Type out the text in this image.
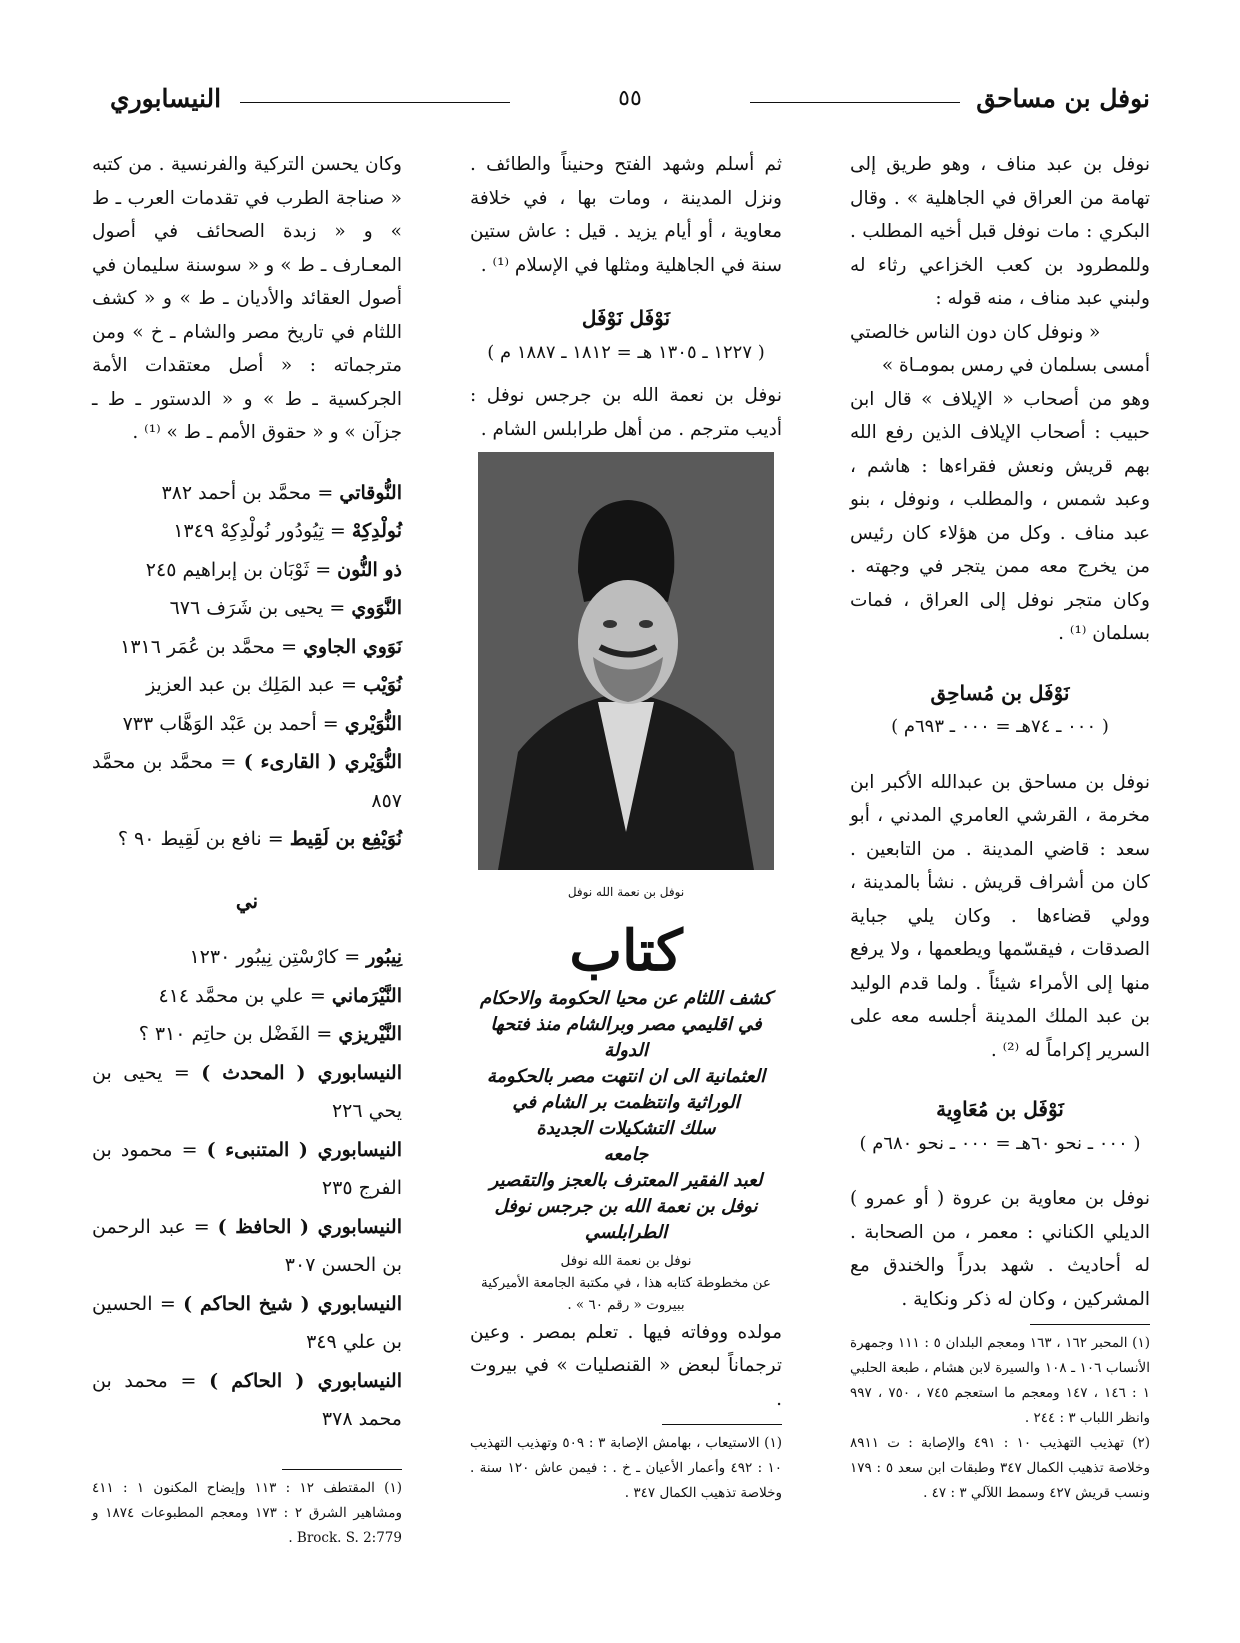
نوفل بن مساحق
٥٥
النيسابوري

نوفل بن عبد مناف ، وهو طريق إلى تهامة من العراق في الجاهلية » . وقال البكري : مات نوفل قبل أخيه المطلب . وللمطرود بن كعب الخزاعي رثاء له ولبني عبد مناف ، منه قوله :

« ونوفل كان دون الناس خالصتي

أمسى بسلمان في رمس بمومـاة »

وهو من أصحاب « الإيلاف » قال ابن حبيب : أصحاب الإيلاف الذين رفع الله بهم قريش ونعش فقراءها : هاشم ، وعبد شمس ، والمطلب ، ونوفل ، بنو عبد مناف . وكل من هؤلاء كان رئيس من يخرج معه ممن يتجر في وجهته . وكان متجر نوفل إلى العراق ، فمات بسلمان ⁽¹⁾ .

نَوْفَل بن مُساحِق
( ٠٠٠ ـ ٧٤هـ = ٠٠٠ ـ ٦٩٣م )

نوفل بن مساحق بن عبدالله الأكبر ابن مخرمة ، القرشي العامري المدني ، أبو سعد : قاضي المدينة . من التابعين . كان من أشراف قريش . نشأ بالمدينة ، وولي قضاءها . وكان يلي جباية الصدقات ، فيقسّمها ويطعمها ، ولا يرفع منها إلى الأمراء شيئاً . ولما قدم الوليد بن عبد الملك المدينة أجلسه معه على السرير إكراماً له ⁽²⁾ .

نَوْفَل بن مُعَاوِية
( ٠٠٠ ـ نحو ٦٠هـ = ٠٠٠ ـ نحو ٦٨٠م )

نوفل بن معاوية بن عروة ( أو عمرو ) الديلي الكناني : معمر ، من الصحابة . له أحاديث . شهد بدراً والخندق مع المشركين ، وكان له ذكر ونكاية .

(١) المحبر ١٦٢ ، ١٦٣ ومعجم البلدان ٥ : ١١١ وجمهرة الأنساب ١٠٦ ـ ١٠٨ والسيرة لابن هشام ، طبعة الحلبي ١ : ١٤٦ ، ١٤٧ ومعجم ما استعجم ٧٤٥ ، ٧٥٠ ، ٩٩٧ وانظر اللباب ٣ : ٢٤٤ .

(٢) تهذيب التهذيب ١٠ : ٤٩١ والإصابة : ت ٨٩١١ وخلاصة تذهيب الكمال ٣٤٧ وطبقات ابن سعد ٥ : ١٧٩ ونسب قريش ٤٢٧ وسمط اللآلي ٣ : ٤٧ .

ثم أسلم وشهد الفتح وحنيناً والطائف . ونزل المدينة ، ومات بها ، في خلافة معاوية ، أو أيام يزيد . قيل : عاش ستين سنة في الجاهلية ومثلها في الإسلام ⁽¹⁾ .

نَوْفَل نَوْفَل
( ١٢٢٧ ـ ١٣٠٥ هـ = ١٨١٢ ـ ١٨٨٧ م )

نوفل بن نعمة الله بن جرجس نوفل : أديب مترجم . من أهل طرابلس الشام .

نوفل بن نعمة الله نوفل
كتاب
كشف اللثام عن محيا الحكومة والاحكام
في اقليمي مصر وبرالشام منذ فتحها الدولة
العثمانية الى ان انتهت مصر بالحكومة
الوراثية وانتظمت بر الشام في
سلك التشكيلات الجديدة
جامعه
لعبد الفقير المعترف بالعجز والتقصير
نوفل بن نعمة الله بن جرجس نوفل
الطرابلسي
نوفل بن نعمة الله نوفل
عن مخطوطة كتابه هذا ، في مكتبة الجامعة الأميركية ببيروت « رقم ٦٠ » .

مولده ووفاته فيها . تعلم بمصر . وعين ترجماناً لبعض « القنصليات » في بيروت .

(١) الاستيعاب ، بهامش الإصابة ٣ : ٥٠٩ وتهذيب التهذيب ١٠ : ٤٩٢ وأعمار الأعيان ـ خ . : فيمن عاش ١٢٠ سنة . وخلاصة تذهيب الكمال ٣٤٧ .

وكان يحسن التركية والفرنسية . من كتبه « صناجة الطرب في تقدمات العرب ـ ط » و « زبدة الصحائف في أصول المعـارف ـ ط » و « سوسنة سليمان في أصول العقائد والأديان ـ ط » و « كشف اللثام في تاريخ مصر والشام ـ خ » ومن مترجماته : « أصل معتقدات الأمة الجركسية ـ ط » و « الدستور ـ ط ـ جزآن » و « حقوق الأمم ـ ط » ⁽¹⁾ .

النُّوقاتي = محمَّد بن أحمد ٣٨٢

نُولْدِكِهْ = تِيُودُور نُولْدِكِهْ ١٣٤٩

ذو النُّون = ثَوْبَان بن إبراهيم ٢٤٥

النَّوَوي = يحيى بن شَرَف ٦٧٦

نَوَوي الجاوي = محمَّد بن عُمَر ١٣١٦

نُوَيْب = عبد المَلِك بن عبد العزيز

النُّوَيْري = أحمد بن عَبْد الوَهَّاب ٧٣٣

النُّوَيْري ( القارىء ) = محمَّد بن محمَّد ٨٥٧

نُوَيْفِع بن لَقِيط = نافع بن لَقِيط ٩٠ ؟

ني

نِيبُور = كارْسْتِن نِيبُور ١٢٣٠

النَّيْرَماني = علي بن محمَّد ٤١٤

النَّيْريزي = الفَضْل بن حاتِم ٣١٠ ؟

النيسابوري ( المحدث ) = يحيى بن يحي ٢٢٦

النيسابوري ( المتنبىء ) = محمود بن الفرج ٢٣٥

النيسابوري ( الحافظ ) = عبد الرحمن بن الحسن ٣٠٧

النيسابوري ( شيخ الحاكم ) = الحسين بن علي ٣٤٩

النيسابوري ( الحاكم ) = محمد بن محمد ٣٧٨

(١) المقتطف ١٢ : ١١٣ وإيضاح المكنون ١ : ٤١١ ومشاهير الشرق ٢ : ١٧٣ ومعجم المطبوعات ١٨٧٤ و Brock. S. 2:779 .
